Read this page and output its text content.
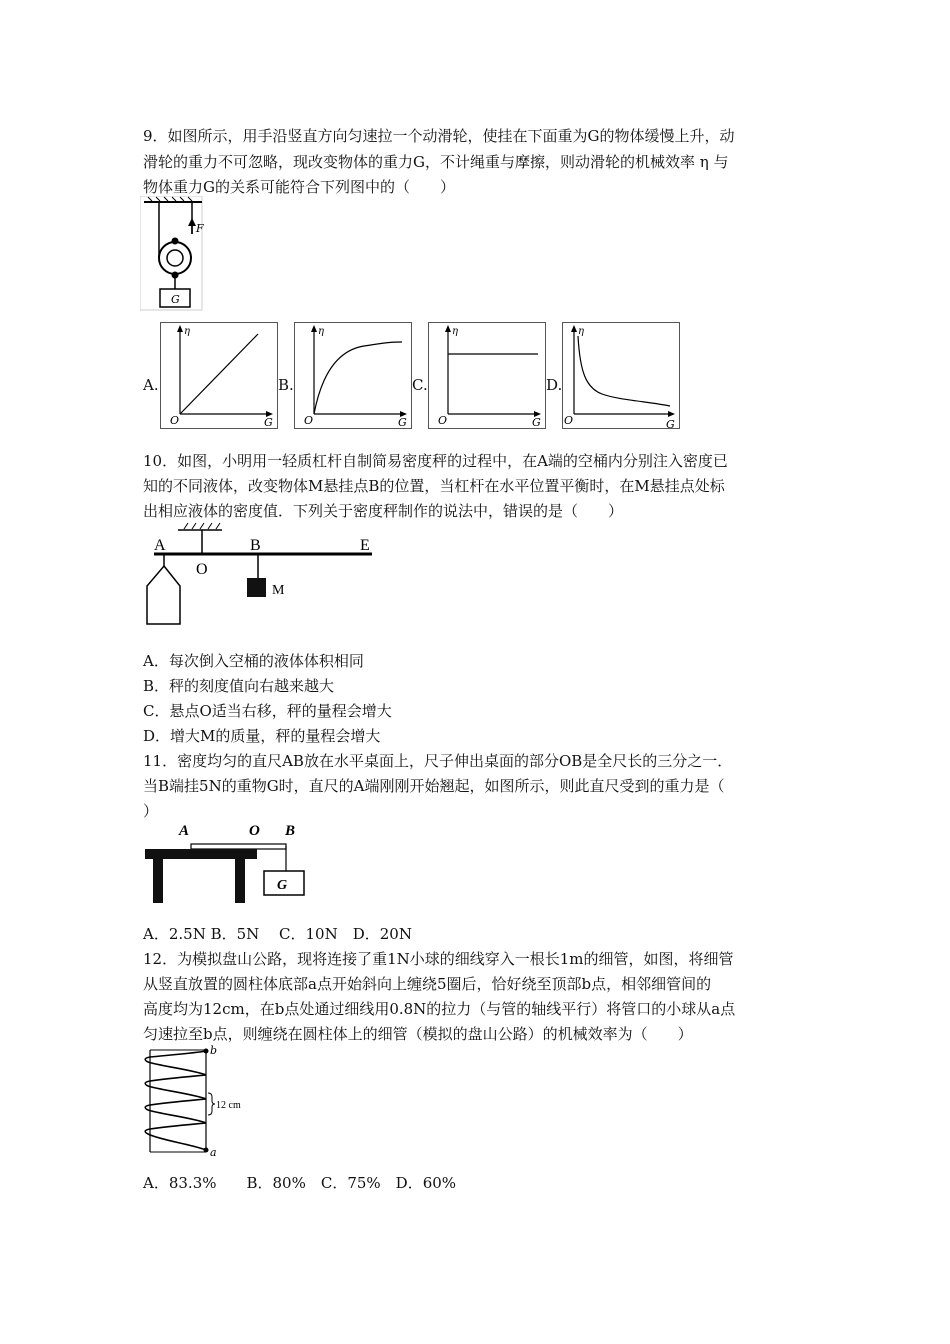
9．如图所示，用手沿竖直方向匀速拉一个动滑轮，使挂在下面重为G的物体缓慢上升，动
滑轮的重力不可忽略，现改变物体的重力G，不计绳重与摩擦，则动滑轮的机械效率 η 与
物体重力G的关系可能符合下列图中的（　　）
F
G
A.
η
O	G
B.
η
O	G
C.
η
O	G
D.
η
O	G
10．如图，小明用一轻质杠杆自制简易密度秤的过程中，在A端的空桶内分别注入密度已
知的不同液体，改变物体M悬挂点B的位置，当杠杆在水平位置平衡时，在M悬挂点处标
出相应液体的密度值．下列关于密度秤制作的说法中，错误的是（　　）
A
O
B	E
M
A．每次倒入空桶的液体体积相同
B．秤的刻度值向右越来越大
C．悬点O适当右移，秤的量程会增大
D．增大M的质量，秤的量程会增大
11．密度均匀的直尺AB放在水平桌面上，尺子伸出桌面的部分OB是全尺长的三分之一．
当B端挂5N的重物G时，直尺的A端刚刚开始翘起，如图所示，则此直尺受到的重力是（
）
A	O B
G
A．2.5N B．5N　 C．10N　D．20N
12．为模拟盘山公路，现将连接了重1N小球的细线穿入一根长1m的细管，如图，将细管
从竖直放置的圆柱体底部a点开始斜向上缠绕5圈后，恰好绕至顶部b点，相邻细管间的
高度均为12cm，在b点处通过细线用0.8N的拉力（与管的轴线平行）将管口的小球从a点
匀速拉至b点，则缠绕在圆柱体上的细管（模拟的盘山公路）的机械效率为（　　）
b
a
12 cm
A．83.3%　　B．80%　C．75%　D．60%
